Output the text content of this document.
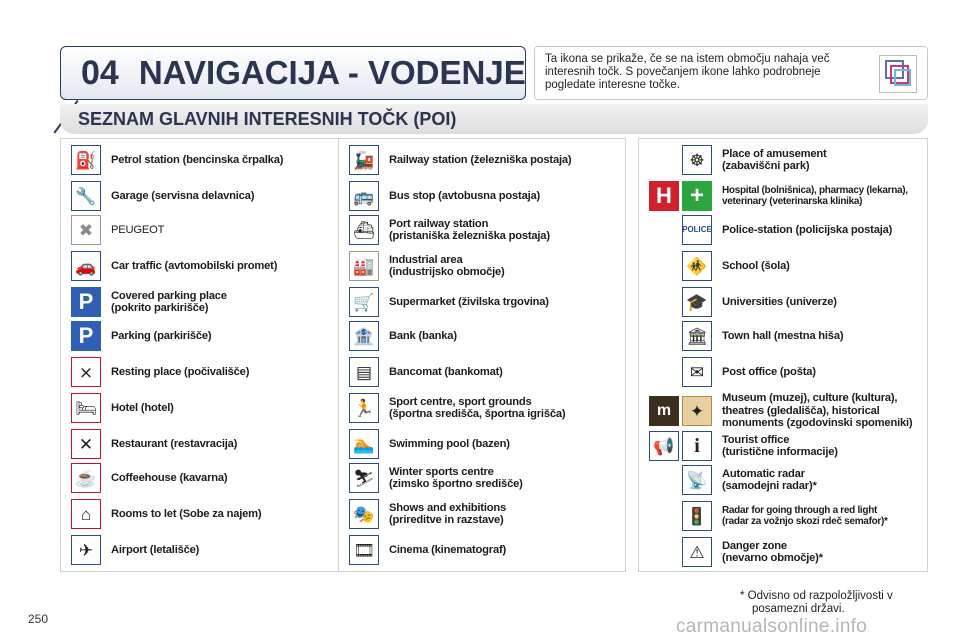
04 NAVIGACIJA - VODENJE Ta ikona se prikaže, če se na istem območju nahaja več interesnih točk. S povečanjem ikone lahko podrobneje pogledate interesne točke.
SEZNAM GLAVNIH INTERESNIH TOČK (POI)
⛽	Petrol station (bencinska črpalka)

🔧	Garage (servisna delavnica)

✖	PEUGEOT

🚗	Car traffic (avtomobilski promet)

P	Covered parking place
(pokrito parkirišče)
P	Parking (parkirišče)

⨯	Resting place (počivališče)

🛏	Hotel (hotel)

✕	Restaurant (restavracija)

☕	Coffeehouse (kavarna)

⌂	Rooms to let (Sobe za najem)

✈	Airport (letališče)

🚂	Railway station (železniška postaja)

🚌	Bus stop (avtobusna postaja)

⛴	Port railway station
(pristaniška železniška postaja)
🏭	Industrial area
(industrijsko območje)
🛒	Supermarket (živilska trgovina)

🏦	Bank (banka)

▤	Bancomat (bankomat)

🏃	Sport centre, sport grounds
(športna središča, športna igrišča)
🏊	Swimming pool (bazen)

⛷	Winter sports centre
(zimsko športno središče)
🎭	Shows and exhibitions
(prireditve in razstave)
🎞	Cinema (kinematograf)

☸	Place of amusement
(zabaviščni park)
H +	Hospital (bolnišnica), pharmacy (lekarna),
veterinary (veterinarska klinika)
POLICE Police-station (policijska postaja)

🚸	School (šola)

🎓	Universities (univerze)

🏛	Town hall (mestna hiša)

✉	Post office (pošta)

m	✦
Museum (muzej), culture (kultura),
theatres (gledališča), historical
monuments (zgodovinski spomeniki)
📢 i	Tourist office
(turistične informacije)
📡	Automatic radar
(samodejni radar)*
🚦	Radar for going through a red light
(radar za vožnjo skozi rdeč semafor)*
⚠	Danger zone
(nevarno območje)*
* Odvisno od razpoložljivosti v
posamezni državi.
250	carmanualsonline.info
